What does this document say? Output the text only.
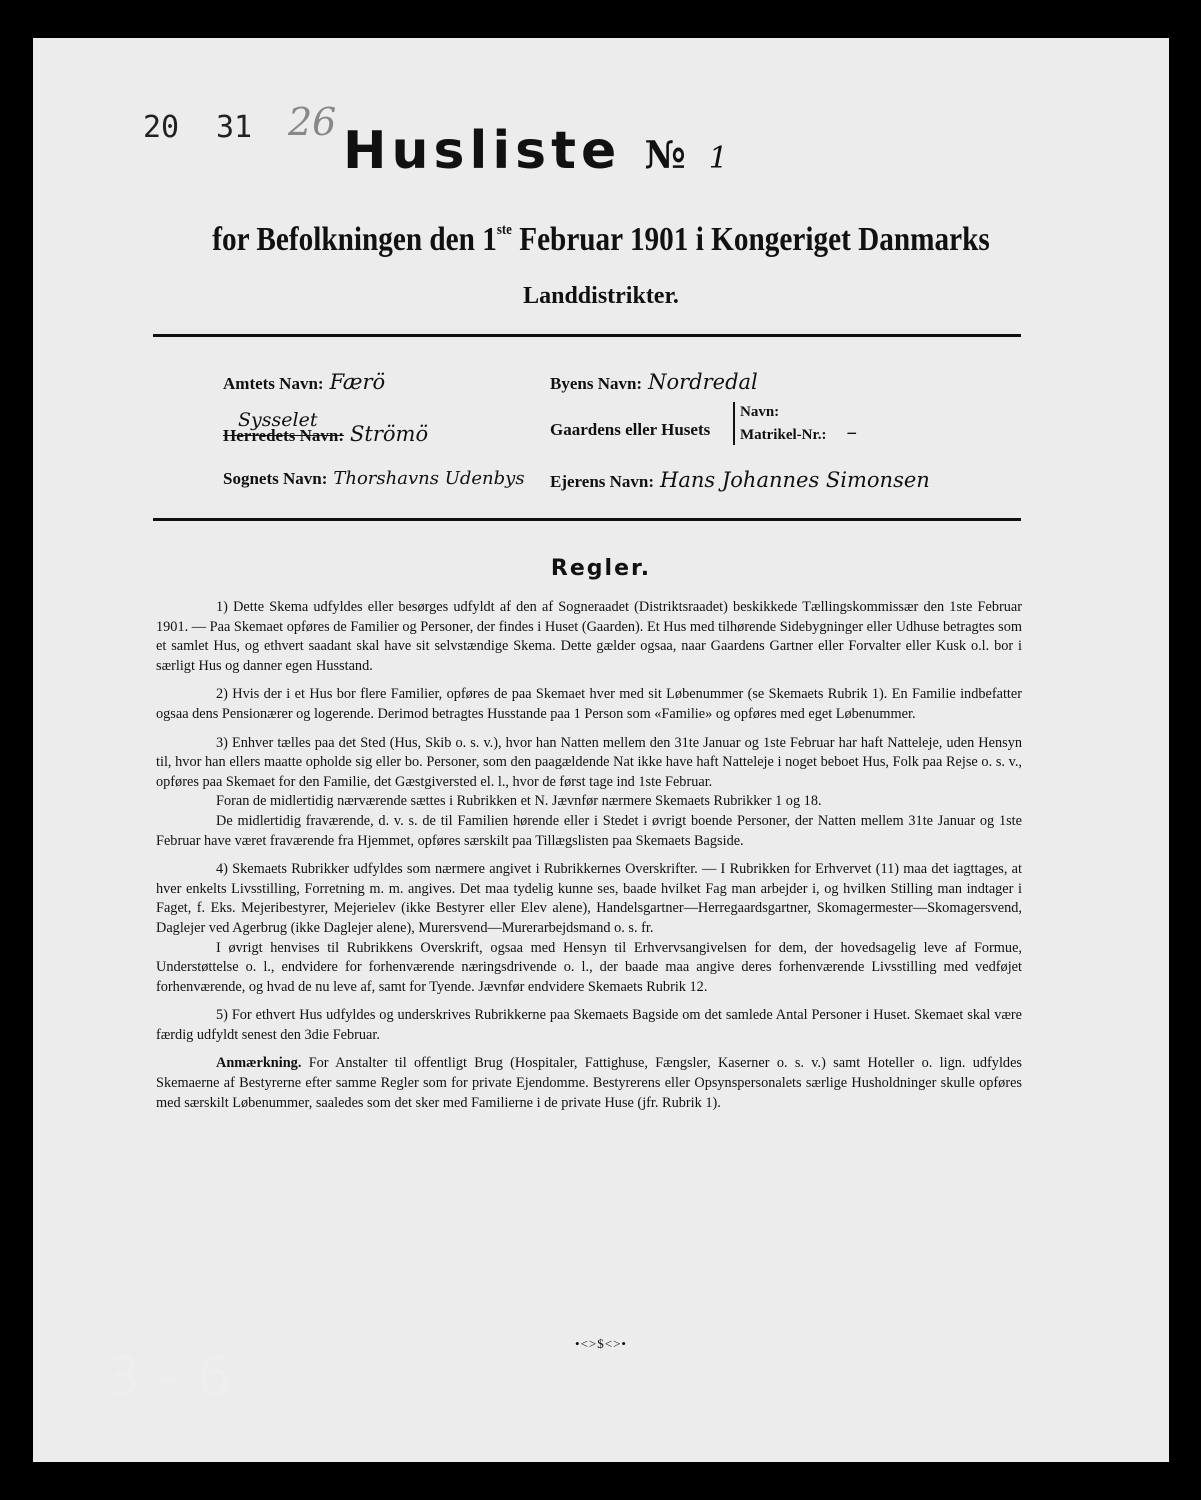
20 31 26 Husliste № 1
for Befolkningen den 1ste Februar 1901 i Kongeriget Danmarks
Landdistrikter.
Amtets Navn: Færö	Byens Navn: Nordredal
Sysselet
Herredets Navn: Strömö	Gaardens eller Husets
Navn:
Matrikel-Nr.: –
Sognets Navn: Thorshavns Udenbys Ejerens Navn: Hans Johannes Simonsen
Regler.

1) Dette Skema udfyldes eller besørges udfyldt af den af Sogneraadet (Distriktsraadet) beskikkede Tællingskommissær den 1ste Februar 1901. — Paa Skemaet opføres de Familier og Personer, der findes i Huset (Gaarden). Et Hus med tilhørende Sidebygninger eller Udhuse betragtes som et samlet Hus, og ethvert saadant skal have sit selvstændige Skema. Dette gælder ogsaa, naar Gaardens Gartner eller Forvalter eller Kusk o.l. bor i særligt Hus og danner egen Husstand.

2) Hvis der i et Hus bor flere Familier, opføres de paa Skemaet hver med sit Løbenummer (se Skemaets Rubrik 1). En Familie indbefatter ogsaa dens Pensionærer og logerende. Derimod betragtes Husstande paa 1 Person som «Familie» og opføres med eget Løbenummer.

3) Enhver tælles paa det Sted (Hus, Skib o. s. v.), hvor han Natten mellem den 31te Januar og 1ste Februar har haft Natteleje, uden Hensyn til, hvor han ellers maatte opholde sig eller bo. Personer, som den paagældende Nat ikke have haft Natteleje i noget beboet Hus, Folk paa Rejse o. s. v., opføres paa Skemaet for den Familie, det Gæstgiversted el. l., hvor de først tage ind 1ste Februar.

Foran de midlertidig nærværende sættes i Rubrikken et N. Jævnfør nærmere Skemaets Rubrikker 1 og 18.

De midlertidig fraværende, d. v. s. de til Familien hørende eller i Stedet i øvrigt boende Personer, der Natten mellem 31te Januar og 1ste Februar have været fraværende fra Hjemmet, opføres særskilt paa Tillægslisten paa Skemaets Bagside.

4) Skemaets Rubrikker udfyldes som nærmere angivet i Rubrikkernes Overskrifter. — I Rubrikken for Erhvervet (11) maa det iagttages, at hver enkelts Livsstilling, Forretning m. m. angives. Det maa tydelig kunne ses, baade hvilket Fag man arbejder i, og hvilken Stilling man indtager i Faget, f. Eks. Mejeribestyrer, Mejerielev (ikke Bestyrer eller Elev alene), Handelsgartner—Herregaardsgartner, Skomagermester—Skomagersvend, Daglejer ved Agerbrug (ikke Daglejer alene), Murersvend—Murerarbejdsmand o. s. fr.

I øvrigt henvises til Rubrikkens Overskrift, ogsaa med Hensyn til Erhvervsangivelsen for dem, der hovedsagelig leve af Formue, Understøttelse o. l., endvidere for forhenværende næringsdrivende o. l., der baade maa angive deres forhenværende Livsstilling med vedføjet forhenværende, og hvad de nu leve af, samt for Tyende. Jævnfør endvidere Skemaets Rubrik 12.

5) For ethvert Hus udfyldes og underskrives Rubrikkerne paa Skemaets Bagside om det samlede Antal Personer i Huset. Skemaet skal være færdig udfyldt senest den 3die Februar.

Anmærkning. For Anstalter til offentligt Brug (Hospitaler, Fattighuse, Fængsler, Kaserner o. s. v.) samt Hoteller o. lign. udfyldes Skemaerne af Bestyrerne efter samme Regler som for private Ejendomme. Bestyrerens eller Opsynspersonalets særlige Husholdninger skulle opføres med særskilt Løbenummer, saaledes som det sker med Familierne i de private Huse (jfr. Rubrik 1).

•<>$<>•
3 - 6
